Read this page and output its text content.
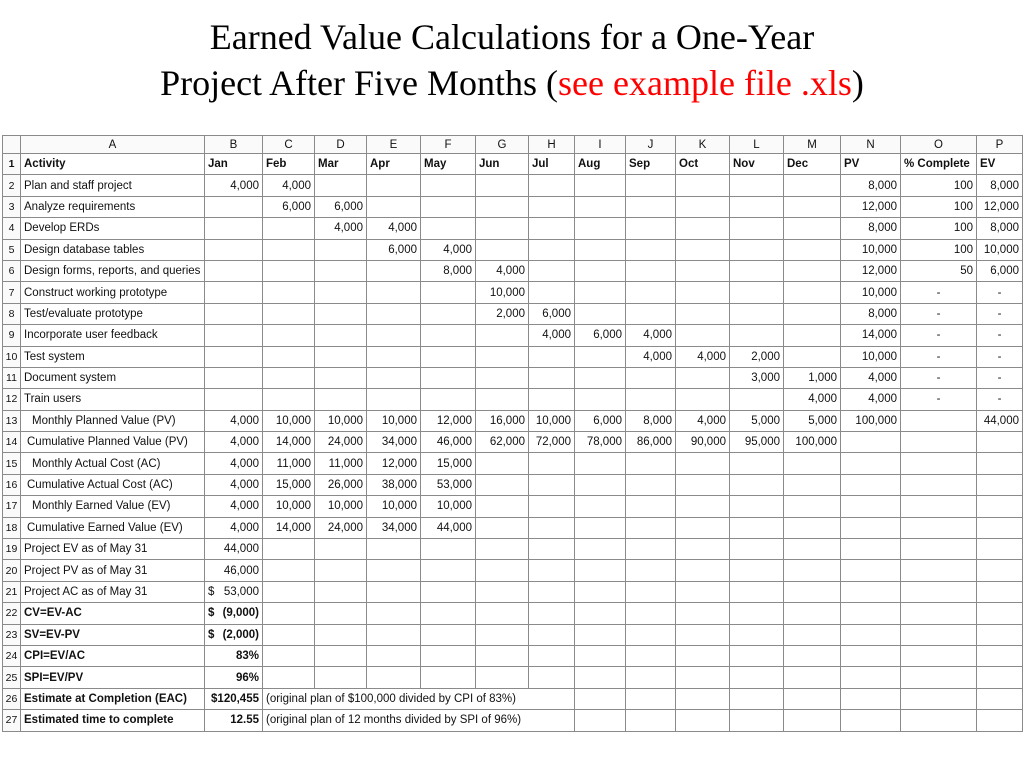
Earned Value Calculations for a One-Year
Project After Five Months (see example file .xls)
	A	B	C	D	E	F	G	H	I	J	K	L	M	N	O	P
1	Activity	Jan	Feb	Mar	Apr	May	Jun	Jul	Aug	Sep	Oct	Nov	Dec	PV	% Complete	EV
2	Plan and staff project	4,000	4,000											8,000	100	8,000
3	Analyze requirements		6,000	6,000										12,000	100	12,000
4	Develop ERDs			4,000	4,000									8,000	100	8,000
5	Design database tables				6,000	4,000								10,000	100	10,000
6	Design forms, reports, and queries					8,000	4,000							12,000	50	6,000
7	Construct working prototype						10,000							10,000	-	-
8	Test/evaluate prototype						2,000	6,000						8,000	-	-
9	Incorporate user feedback							4,000	6,000	4,000				14,000	-	-
10	Test system									4,000	4,000	2,000		10,000	-	-
11	Document system											3,000	1,000	4,000	-	-
12	Train users												4,000	4,000	-	-
13	Monthly Planned Value (PV)	4,000	10,000	10,000	10,000	12,000	16,000	10,000	6,000	8,000	4,000	5,000	5,000	100,000		44,000
14	Cumulative Planned Value (PV)	4,000	14,000	24,000	34,000	46,000	62,000	72,000	78,000	86,000	90,000	95,000	100,000			
15	Monthly Actual Cost (AC)	4,000	11,000	11,000	12,000	15,000										
16	Cumulative Actual Cost (AC)	4,000	15,000	26,000	38,000	53,000										
17	Monthly Earned Value (EV)	4,000	10,000	10,000	10,000	10,000										
18	Cumulative Earned Value (EV)	4,000	14,000	24,000	34,000	44,000										
19	Project EV as of May 31	44,000														
20	Project PV as of May 31	46,000														
21	Project AC as of May 31	$ 53,000														
22	CV=EV-AC	$ (9,000)														
23	SV=EV-PV	$ (2,000)														
24	CPI=EV/AC	83%														
25	SPI=EV/PV	96%														
26	Estimate at Completion (EAC)	$120,455	(original plan of $100,000 divided by CPI of 83%)													
27	Estimated time to complete	12.55	(original plan of 12 months divided by SPI of 96%)													
